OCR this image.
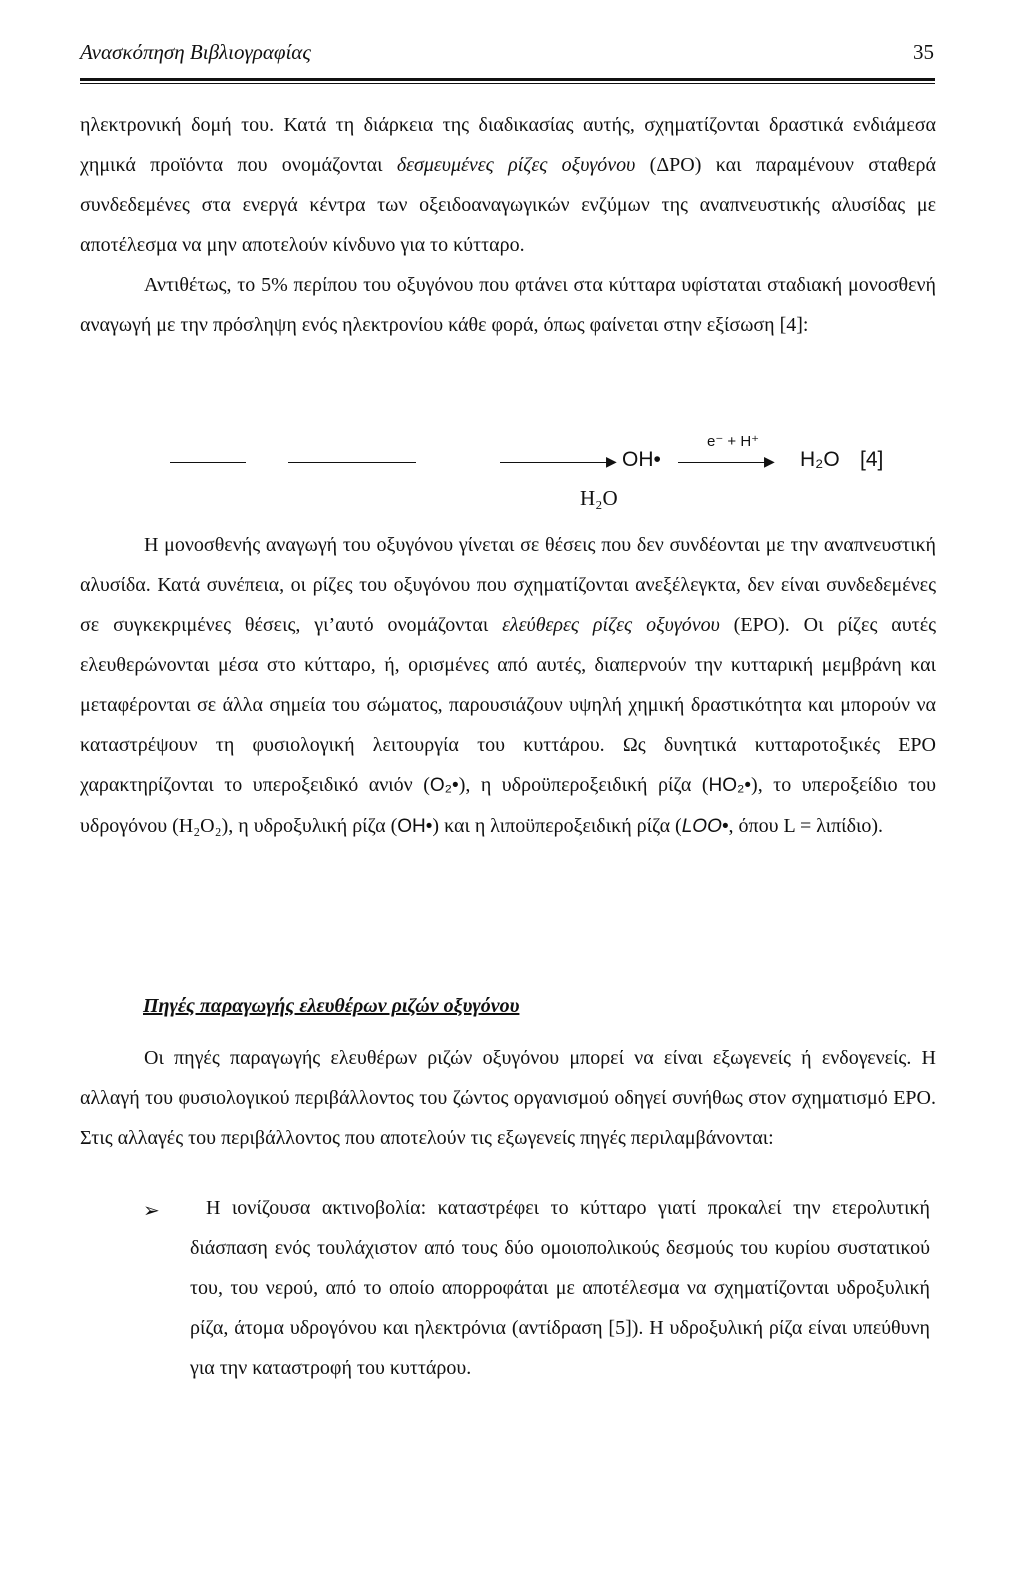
Ανασκόπηση Βιβλιογραφίας	35

ηλεκτρονική δομή του. Κατά τη διάρκεια της διαδικασίας αυτής, σχηματίζονται δραστικά ενδιάμεσα χημικά προϊόντα που ονομάζονται δεσμευμένες ρίζες οξυγόνου (ΔΡΟ) και παραμένουν σταθερά συνδεδεμένες στα ενεργά κέντρα των οξειδοαναγωγικών ενζύμων της αναπνευστικής αλυσίδας με αποτέλεσμα να μην αποτελούν κίνδυνο για το κύτταρο.

Αντιθέτως, το 5% περίπου του οξυγόνου που φτάνει στα κύτταρα υφίσταται σταδιακή μονοσθενή αναγωγή με την πρόσληψη ενός ηλεκτρονίου κάθε φορά, όπως φαίνεται στην εξίσωση [4]:

▶ OH•
e⁻ + H⁺
▶ H₂O [4]
H₂O

Η μονοσθενής αναγωγή του οξυγόνου γίνεται σε θέσεις που δεν συνδέονται με την αναπνευστική αλυσίδα. Κατά συνέπεια, οι ρίζες του οξυγόνου που σχηματίζονται ανεξέλεγκτα, δεν είναι συνδεδεμένες σε συγκεκριμένες θέσεις, γι’αυτό ονομάζονται ελεύθερες ρίζες οξυγόνου (ΕΡΟ). Οι ρίζες αυτές ελευθερώνονται μέσα στο κύτταρο, ή, ορισμένες από αυτές, διαπερνούν την κυτταρική μεμβράνη και μεταφέρονται σε άλλα σημεία του σώματος, παρουσιάζουν υψηλή χημική δραστικότητα και μπορούν να καταστρέψουν τη φυσιολογική λειτουργία του κυττάρου. Ως δυνητικά κυτταροτοξικές ΕΡΟ χαρακτηρίζονται το υπεροξειδικό ανιόν (O₂•), η υδροϋπεροξειδική ρίζα (HO₂•), το υπεροξείδιο του υδρογόνου (H₂O₂), η υδροξυλική ρίζα (OH•) και η λιποϋπεροξειδική ρίζα (LOO•, όπου L = λιπίδιο).

Πηγές παραγωγής ελευθέρων ριζών οξυγόνου

Οι πηγές παραγωγής ελευθέρων ριζών οξυγόνου μπορεί να είναι εξωγενείς ή ενδογενείς. Η αλλαγή του φυσιολογικού περιβάλλοντος του ζώντος οργανισμού οδηγεί συνήθως στον σχηματισμό ΕΡΟ. Στις αλλαγές του περιβάλλοντος που αποτελούν τις εξωγενείς πηγές περιλαμβάνονται:

➢	Η ιονίζουσα ακτινοβολία: καταστρέφει το κύτταρο γιατί προκαλεί την ετερολυτική διάσπαση ενός τουλάχιστον από τους δύο ομοιοπολικούς δεσμούς του κυρίου συστατικού του, του νερού, από το οποίο απορροφάται με αποτέλεσμα να σχηματίζονται υδροξυλική ρίζα, άτομα υδρογόνου και ηλεκτρόνια (αντίδραση [5]). Η υδροξυλική ρίζα είναι υπεύθυνη για την καταστροφή του κυττάρου.
